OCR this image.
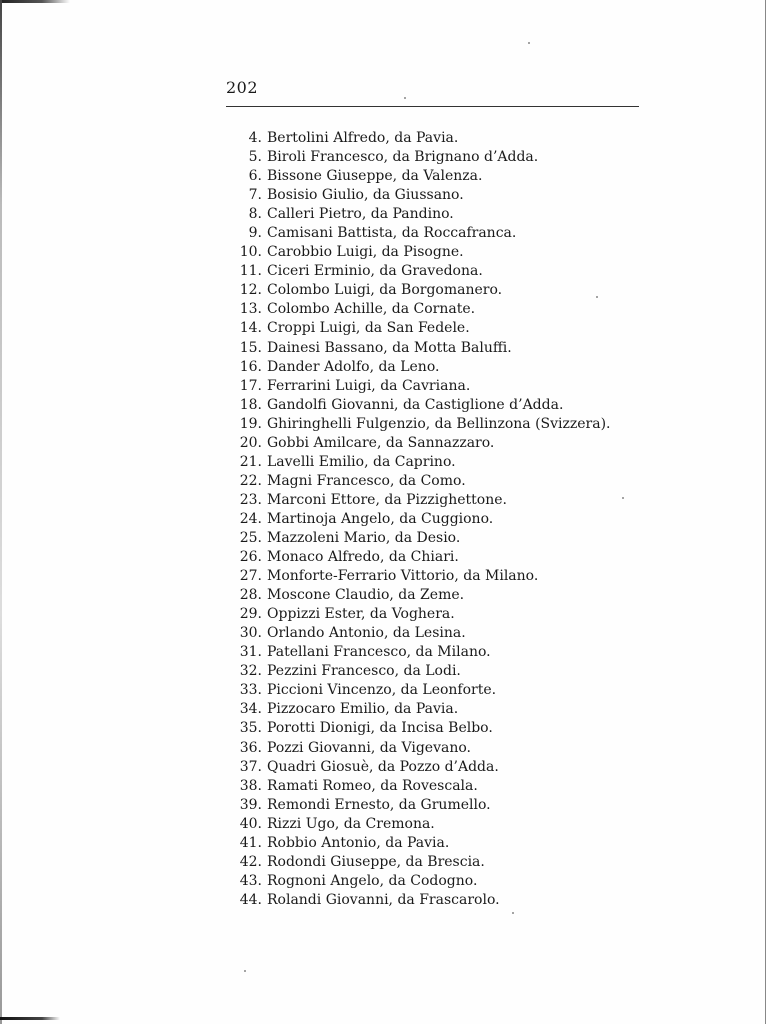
202
4. Bertolini Alfredo, da Pavia.
5. Biroli Francesco, da Brignano d’Adda.
6. Bissone Giuseppe, da Valenza.
7. Bosisio Giulio, da Giussano.
8. Calleri Pietro, da Pandino.
9. Camisani Battista, da Roccafranca.
10. Carobbio Luigi, da Pisogne.
11. Ciceri Erminio, da Gravedona.
12. Colombo Luigi, da Borgomanero.
13. Colombo Achille, da Cornate.
14. Croppi Luigi, da San Fedele.
15. Dainesi Bassano, da Motta Baluffi.
16. Dander Adolfo, da Leno.
17. Ferrarini Luigi, da Cavriana.
18. Gandolfi Giovanni, da Castiglione d’Adda.
19. Ghiringhelli Fulgenzio, da Bellinzona (Svizzera).
20. Gobbi Amilcare, da Sannazzaro.
21. Lavelli Emilio, da Caprino.
22. Magni Francesco, da Como.
23. Marconi Ettore, da Pizzighettone.
24. Martinoja Angelo, da Cuggiono.
25. Mazzoleni Mario, da Desio.
26. Monaco Alfredo, da Chiari.
27. Monforte-Ferrario Vittorio, da Milano.
28. Moscone Claudio, da Zeme.
29. Oppizzi Ester, da Voghera.
30. Orlando Antonio, da Lesina.
31. Patellani Francesco, da Milano.
32. Pezzini Francesco, da Lodi.
33. Piccioni Vincenzo, da Leonforte.
34. Pizzocaro Emilio, da Pavia.
35. Porotti Dionigi, da Incisa Belbo.
36. Pozzi Giovanni, da Vigevano.
37. Quadri Giosuè, da Pozzo d’Adda.
38. Ramati Romeo, da Rovescala.
39. Remondi Ernesto, da Grumello.
40. Rizzi Ugo, da Cremona.
41. Robbio Antonio, da Pavia.
42. Rodondi Giuseppe, da Brescia.
43. Rognoni Angelo, da Codogno.
44. Rolandi Giovanni, da Frascarolo.
